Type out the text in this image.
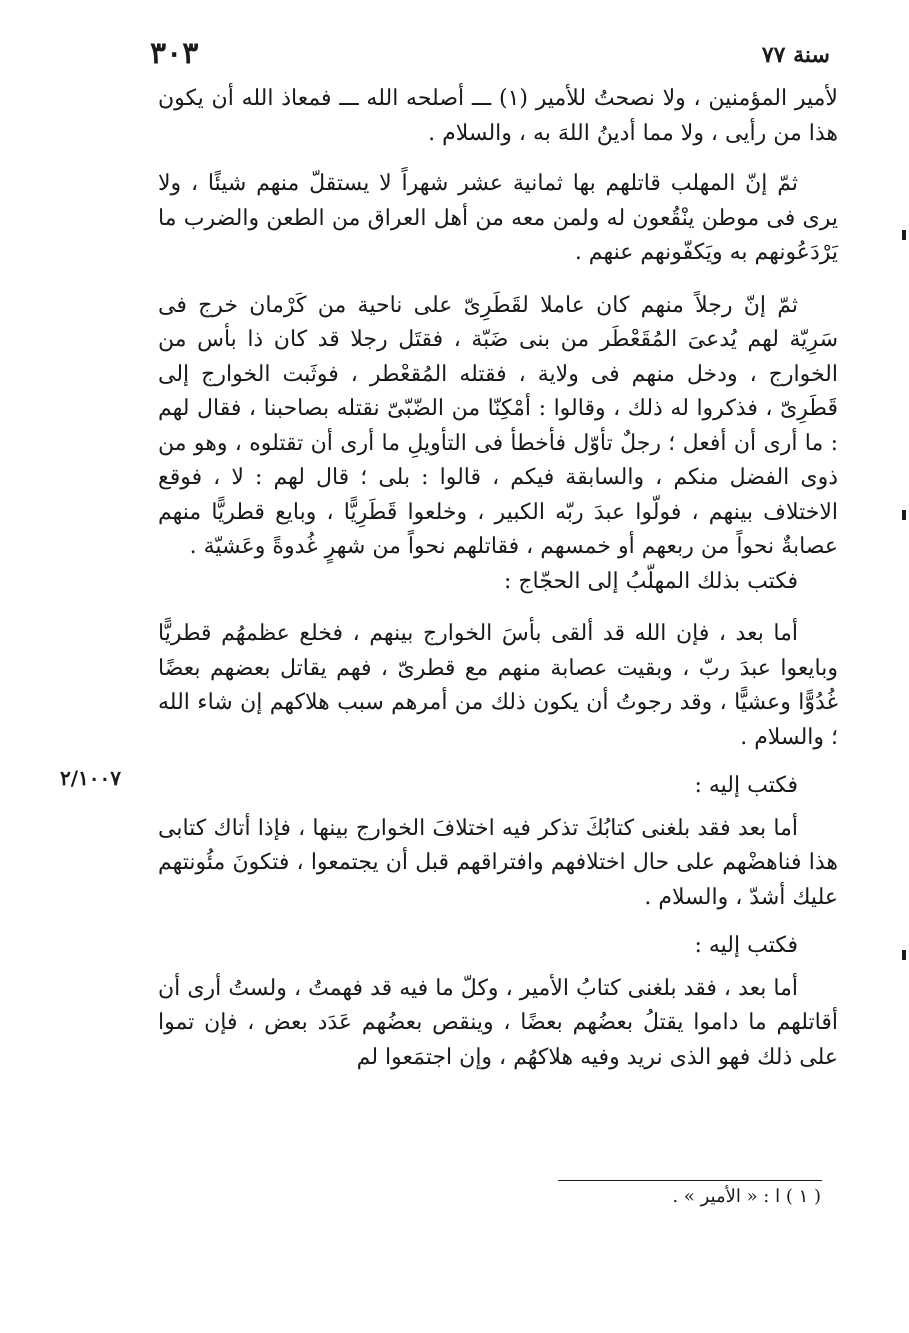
سنة ٧٧
٣٠٣

لأمير المؤمنين ، ولا نصحتُ للأمير (١) ـــ أصلحه الله ـــ فمعاذ الله أن يكون هذا من رأيى ، ولا مما أدينُ اللهَ به ، والسلام .

ثمّ إنّ المهلب قاتلهم بها ثمانية عشر شهراً لا يستقلّ منهم شيئًا ، ولا يرى فى موطن ينْقُعون له ولمن معه من أهل العراق من الطعن والضرب ما يَرْدَعُونهم به ويَكفّونهم عنهم .

ثمّ إنّ رجلاً منهم كان عاملا لقَطَرِىّ على ناحية من كَرْمان خرج فى سَرِيّة لهم يُدعىَ المُقَعْطَر من بنى ضَبّة ، فقتَل رجلا قد كان ذا بأس من الخوارج ، ودخل منهم فى ولاية ، فقتله المُقعْطر ، فوثَبت الخوارج إلى قَطَرِىّ ، فذكروا له ذلك ، وقالوا : أمْكِنّا من الضّبّىّ نقتله بصاحبنا ، فقال لهم : ما أرى أن أفعل ؛ رجلٌ تأوّل فأخطأ فى التأويلِ ما أرى أن تقتلوه ، وهو من ذوى الفضل منكم ، والسابقة فيكم ، قالوا : بلى ؛ قال لهم : لا ، فوقع الاختلاف بينهم ، فولّوا عبدَ ربّه الكبير ، وخلعوا قَطَرِيًّا ، وبايع قطريًّا منهم عصابةٌ نحواً من ربعهم أو خمسهم ، فقاتلهم نحواً من شهرٍ غُدوةً وعَشيّة .

فكتب بذلك المهلّبُ إلى الحجّاج :

أما بعد ، فإن الله قد ألقى بأسَ الخوارج بينهم ، فخلع عظمهُم قطريًّا وبايعوا عبدَ ربّ ، وبقيت عصابة منهم مع قطرىّ ، فهم يقاتل بعضهم بعضًا غُدُوًّا وعشيًّا ، وقد رجوتُ أن يكون ذلك من أمرهم سبب هلاكهم إن شاء الله ؛ والسلام .

فكتب إليه :

أما بعد فقد بلغنى كتابُكَ تذكر فيه اختلافَ الخوارج بينها ، فإذا أتاك كتابى هذا فناهضْهم على حال اختلافهم وافتراقهم قبل أن يجتمعوا ، فتكونَ مئُونتهم عليك أشدّ ، والسلام .

فكتب إليه :

أما بعد ، فقد بلغنى كتابُ الأمير ، وكلّ ما فيه قد فهمتُ ، ولستُ أرى أن أقاتلهم ما داموا يقتلُ بعضُهم بعضًا ، وينقص بعضُهم عَدَد بعض ، فإن تموا على ذلك فهو الذى نريد وفيه هلاكهُم ، وإن اجتمَعوا لم

٢/١٠٠٧
( ١ ) ا : « الأمير » .
